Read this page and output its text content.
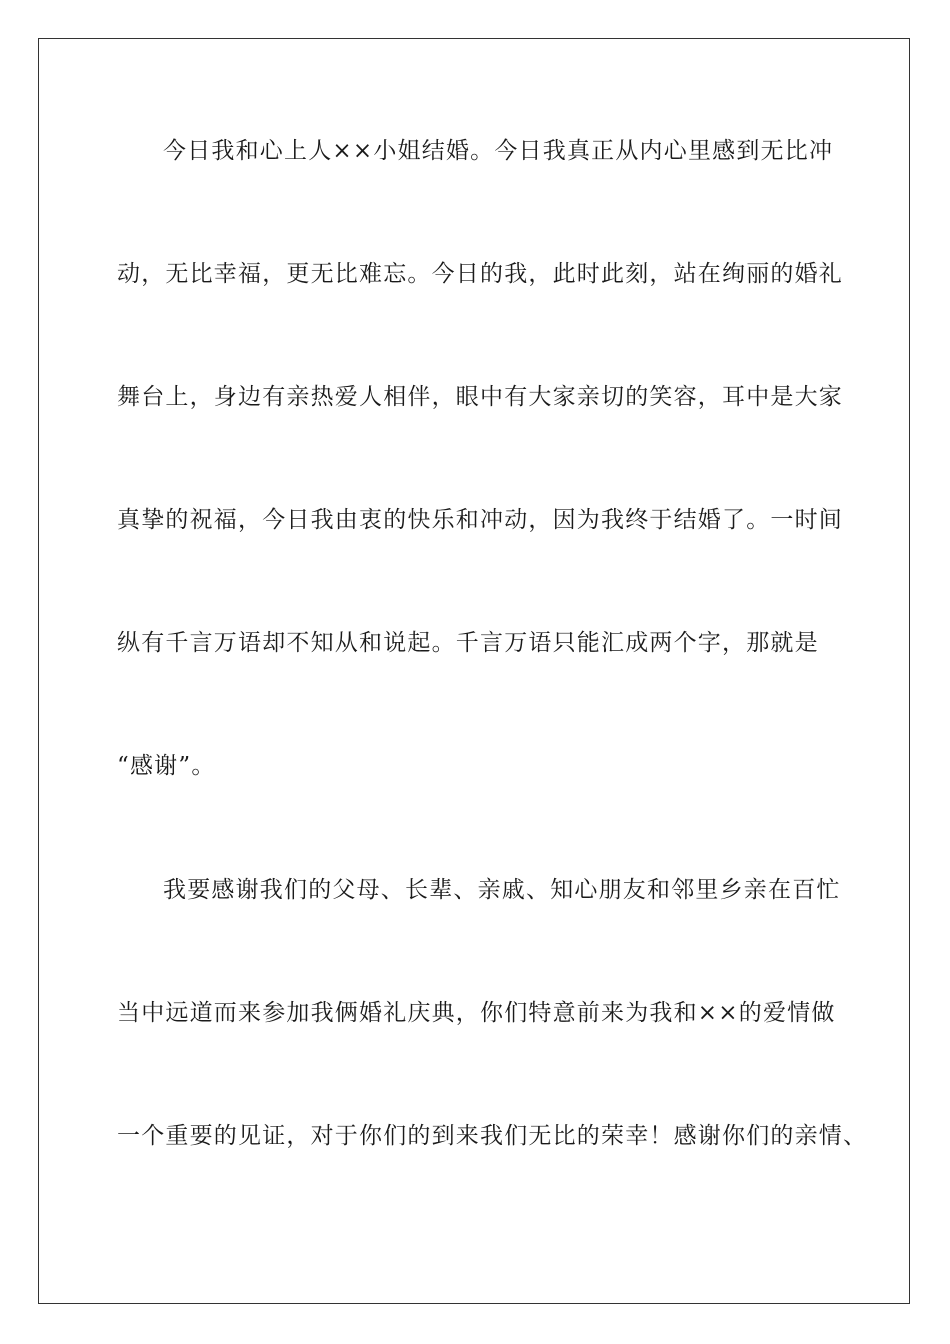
今日我和心上人××小姐结婚。今日我真正从内心里感到无比冲
动，无比幸福，更无比难忘。今日的我，此时此刻，站在绚丽的婚礼
舞台上，身边有亲热爱人相伴，眼中有大家亲切的笑容，耳中是大家
真挚的祝福，今日我由衷的快乐和冲动，因为我终于结婚了。一时间
纵有千言万语却不知从和说起。千言万语只能汇成两个字，那就是
“感谢”。
我要感谢我们的父母、长辈、亲戚、知心朋友和邻里乡亲在百忙
当中远道而来参加我俩婚礼庆典，你们特意前来为我和××的爱情做
一个重要的见证，对于你们的到来我们无比的荣幸！感谢你们的亲情、
